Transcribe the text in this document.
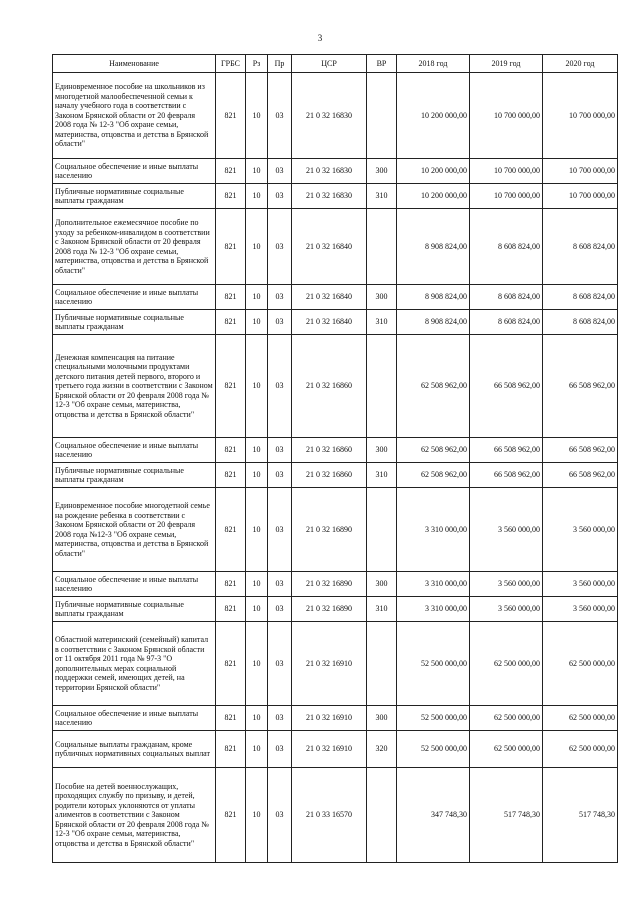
3
Наименование	ГРБС	Рз	Пр	ЦСР	ВР	2018 год	2019 год	2020 год
Единовременное пособие на школьников из многодетной малообеспеченной семьи к началу учебного года в соответствии с Законом Брянской области от 20 февраля 2008 года № 12-3 "Об охране семьи, материнства, отцовства и детства в Брянской области"	821	10	03	21 0 32 16830		10 200 000,00	10 700 000,00	10 700 000,00
Социальное обеспечение и иные выплаты населению	821	10	03	21 0 32 16830	300	10 200 000,00	10 700 000,00	10 700 000,00
Публичные нормативные социальные выплаты гражданам	821	10	03	21 0 32 16830	310	10 200 000,00	10 700 000,00	10 700 000,00
Дополнительное ежемесячное пособие по уходу за ребенком-инвалидом в соответствии с Законом Брянской области от 20 февраля 2008 года № 12-3 "Об охране семьи, материнства, отцовства и детства в Брянской области"	821	10	03	21 0 32 16840		8 908 824,00	8 608 824,00	8 608 824,00
Социальное обеспечение и иные выплаты населению	821	10	03	21 0 32 16840	300	8 908 824,00	8 608 824,00	8 608 824,00
Публичные нормативные социальные выплаты гражданам	821	10	03	21 0 32 16840	310	8 908 824,00	8 608 824,00	8 608 824,00
Денежная компенсация на питание специальными молочными продуктами детского питания детей первого, второго и третьего года жизни в соответствии с Законом Брянской области от 20 февраля 2008 года № 12-3 "Об охране семьи, материнства, отцовства и детства в Брянской области"	821	10	03	21 0 32 16860		62 508 962,00	66 508 962,00	66 508 962,00
Социальное обеспечение и иные выплаты населению	821	10	03	21 0 32 16860	300	62 508 962,00	66 508 962,00	66 508 962,00
Публичные нормативные социальные выплаты гражданам	821	10	03	21 0 32 16860	310	62 508 962,00	66 508 962,00	66 508 962,00
Единовременное пособие многодетной семье на рождение ребенка в соответствии с Законом Брянской области от 20 февраля 2008 года №12-3 "Об охране семьи, материнства, отцовства и детства в Брянской области"	821	10	03	21 0 32 16890		3 310 000,00	3 560 000,00	3 560 000,00
Социальное обеспечение и иные выплаты населению	821	10	03	21 0 32 16890	300	3 310 000,00	3 560 000,00	3 560 000,00
Публичные нормативные социальные выплаты гражданам	821	10	03	21 0 32 16890	310	3 310 000,00	3 560 000,00	3 560 000,00
Областной материнский (семейный) капитал в соответствии с Законом Брянской области от 11 октября 2011 года № 97-3 "О дополнительных мерах социальной поддержки семей, имеющих детей, на территории Брянской области"	821	10	03	21 0 32 16910		52 500 000,00	62 500 000,00	62 500 000,00
Социальное обеспечение и иные выплаты населению	821	10	03	21 0 32 16910	300	52 500 000,00	62 500 000,00	62 500 000,00
Социальные выплаты гражданам, кроме публичных нормативных социальных выплат	821	10	03	21 0 32 16910	320	52 500 000,00	62 500 000,00	62 500 000,00
Пособие на детей военнослужащих, проходящих службу по призыву, и детей, родители которых уклоняются от уплаты алиментов в соответствии с Законом Брянской области от 20 февраля 2008 года № 12-3 "Об охране семьи, материнства, отцовства и детства в Брянской области"	821	10	03	21 0 33 16570		347 748,30	517 748,30	517 748,30
